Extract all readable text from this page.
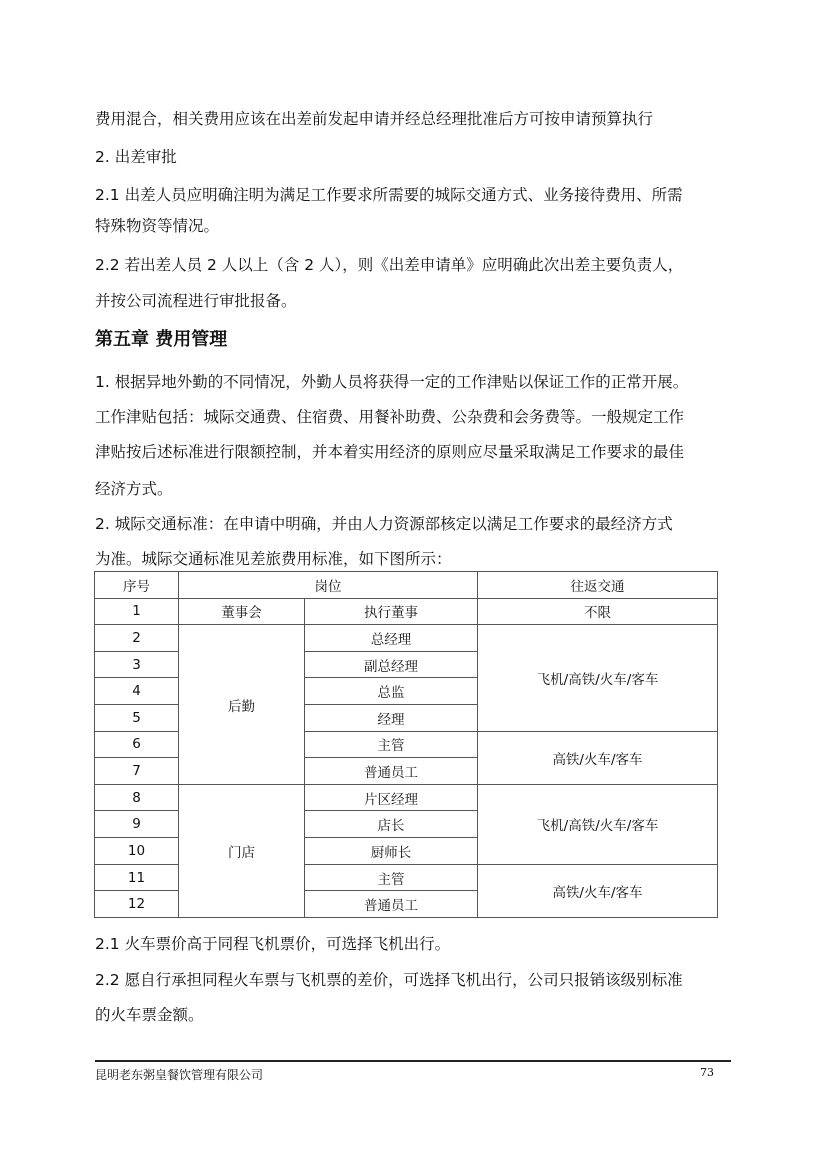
费用混合，相关费用应该在出差前发起申请并经总经理批准后方可按申请预算执行
2. 出差审批
2.1 出差人员应明确注明为满足工作要求所需要的城际交通方式、业务接待费用、所需
特殊物资等情况。
2.2 若出差人员 2 人以上（含 2 人），则《出差申请单》应明确此次出差主要负责人，
并按公司流程进行审批报备。
第五章 费用管理
1. 根据异地外勤的不同情况，外勤人员将获得一定的工作津贴以保证工作的正常开展。
工作津贴包括：城际交通费、住宿费、用餐补助费、公杂费和会务费等。一般规定工作
津贴按后述标准进行限额控制，并本着实用经济的原则应尽量采取满足工作要求的最佳
经济方式。
2. 城际交通标准：在申请中明确，并由人力资源部核定以满足工作要求的最经济方式
为准。城际交通标准见差旅费用标准，如下图所示：
序号	岗位		往返交通
1	董事会	执行董事	不限
2	后勤	总经理	飞机/高铁/火车/客车
3		副总经理	
4		总监	
5		经理	
6		主管	高铁/火车/客车
7		普通员工	
8	门店	片区经理	飞机/高铁/火车/客车
9		店长	
10		厨师长	
11		主管	高铁/火车/客车
12		普通员工	
2.1 火车票价高于同程飞机票价，可选择飞机出行。
2.2 愿自行承担同程火车票与飞机票的差价，可选择飞机出行，公司只报销该级别标准
的火车票金额。
昆明老东粥皇餐饮管理有限公司	73
